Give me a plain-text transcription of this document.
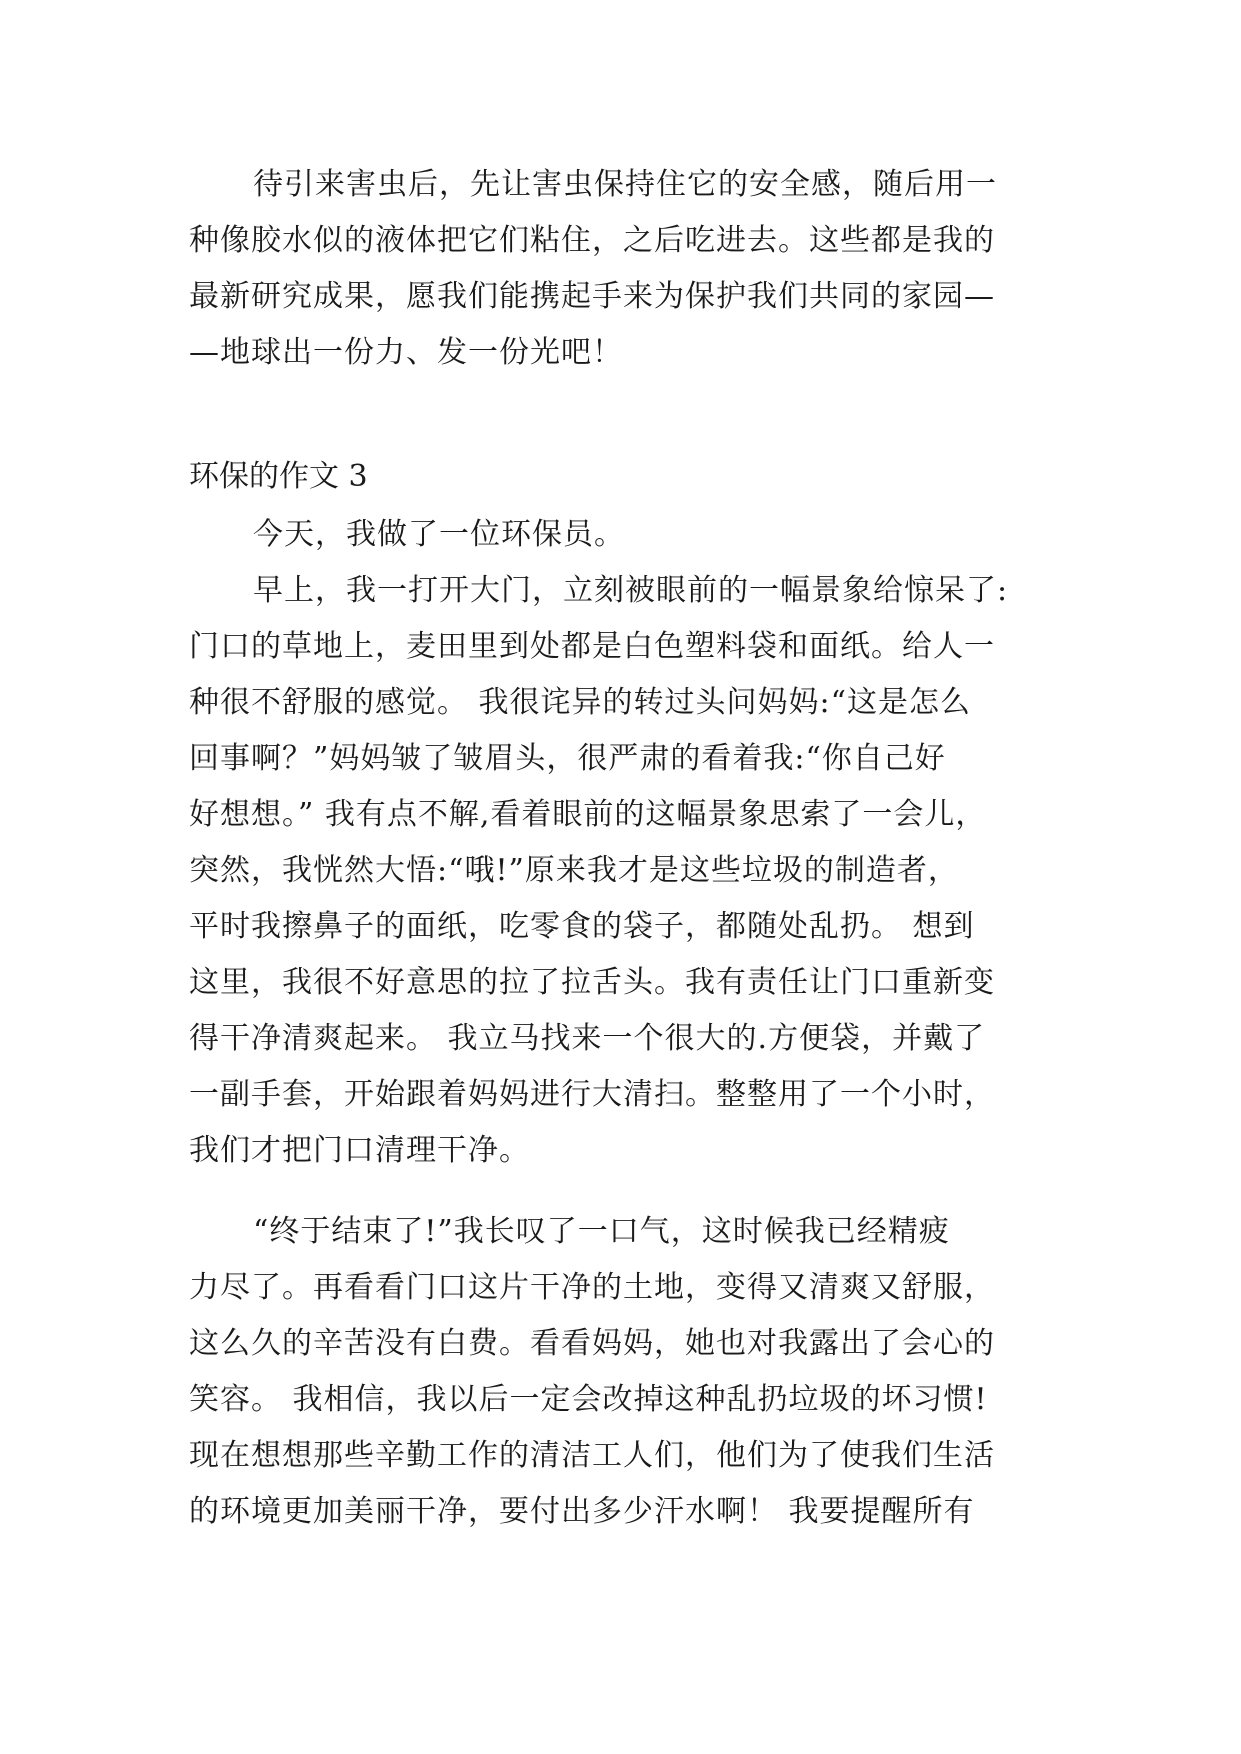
待引来害虫后，先让害虫保持住它的安全感，随后用一
种像胶水似的液体把它们粘住，之后吃进去。这些都是我的
最新研究成果，愿我们能携起手来为保护我们共同的家园—
—地球出一份力、发一份光吧！
环保的作文 3
今天，我做了一位环保员。
早上，我一打开大门，立刻被眼前的一幅景象给惊呆了:
门口的草地上，麦田里到处都是白色塑料袋和面纸。给人一
种很不舒服的感觉。 我很诧异的转过头问妈妈:“这是怎么
回事啊？”妈妈皱了皱眉头，很严肃的看着我:“你自己好
好想想。” 我有点不解,看着眼前的这幅景象思索了一会儿，
突然，我恍然大悟:“哦!”原来我才是这些垃圾的制造者，
平时我擦鼻子的面纸，吃零食的袋子，都随处乱扔。 想到
这里，我很不好意思的拉了拉舌头。我有责任让门口重新变
得干净清爽起来。 我立马找来一个很大的.方便袋，并戴了
一副手套，开始跟着妈妈进行大清扫。整整用了一个小时，
我们才把门口清理干净。
“终于结束了!”我长叹了一口气，这时候我已经精疲
力尽了。再看看门口这片干净的土地，变得又清爽又舒服，
这么久的辛苦没有白费。看看妈妈，她也对我露出了会心的
笑容。 我相信，我以后一定会改掉这种乱扔垃圾的坏习惯!
现在想想那些辛勤工作的清洁工人们，他们为了使我们生活
的环境更加美丽干净，要付出多少汗水啊！ 我要提醒所有
